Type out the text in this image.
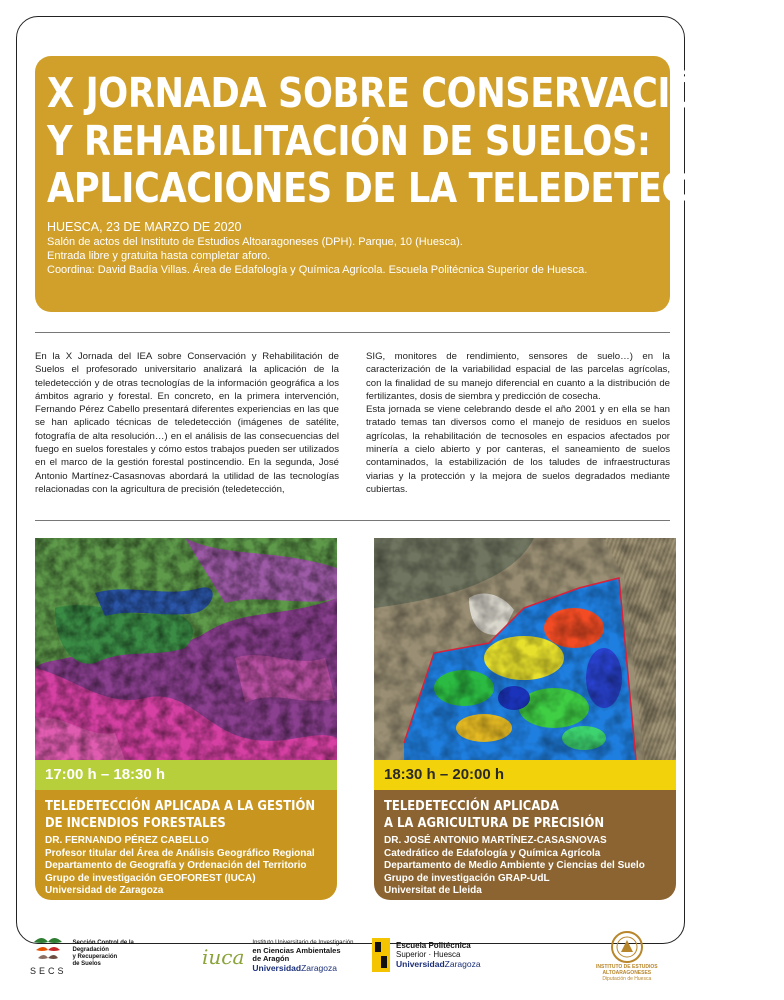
X JORNADA SOBRE CONSERVACIÓN
Y REHABILITACIÓN DE SUELOS:
APLICACIONES DE LA TELEDETECCIÓN
HUESCA, 23 DE MARZO DE 2020
Salón de actos del Instituto de Estudios Altoaragoneses (DPH). Parque, 10 (Huesca).
Entrada libre y gratuita hasta completar aforo.
Coordina: David Badía Villas. Área de Edafología y Química Agrícola. Escuela Politécnica Superior de Huesca.

En la X Jornada del IEA sobre Conservación y Rehabilitación de Suelos el profesorado universitario analizará la aplicación de la teledetección y de otras tecnologías de la información geográfica a los ámbitos agrario y forestal. En concreto, en la primera intervención, Fernando Pérez Cabello presentará diferentes experiencias en las que se han aplicado técnicas de teledetección (imágenes de satélite, fotografía de alta resolución…) en el análisis de las consecuencias del fuego en suelos forestales y cómo estos trabajos pueden ser utilizados en el marco de la gestión forestal postincendio. En la segunda, José Antonio Martínez-Casasnovas abordará la utilidad de las tecnologías relacionadas con la agricultura de precisión (teledetección,

SIG, monitores de rendimiento, sensores de suelo…) en la caracterización de la variabilidad espacial de las parcelas agrícolas, con la finalidad de su manejo diferencial en cuanto a la distribución de fertilizantes, dosis de siembra y predicción de cosecha.

Esta jornada se viene celebrando desde el año 2001 y en ella se han tratado temas tan diversos como el manejo de residuos en suelos agrícolas, la rehabilitación de tecnosoles en espacios afectados por minería a cielo abierto y por canteras, el saneamiento de suelos contaminados, la estabilización de los taludes de infraestructuras viarias y la protección y la mejora de suelos degradados mediante cubiertas.

17:00 h – 18:30 h
TELEDETECCIÓN APLICADA A LA GESTIÓN
DE INCENDIOS FORESTALES
DR. FERNANDO PÉREZ CABELLO
Profesor titular del Área de Análisis Geográfico Regional
Departamento de Geografía y Ordenación del Territorio
Grupo de investigación GEOFOREST (IUCA)
Universidad de Zaragoza
18:30 h – 20:00 h
TELEDETECCIÓN APLICADA
A LA AGRICULTURA DE PRECISIÓN
DR. JOSÉ ANTONIO MARTÍNEZ-CASASNOVAS
Catedrático de Edafología y Química Agrícola
Departamento de Medio Ambiente y Ciencias del Suelo
Grupo de investigación GRAP-UdL
Universitat de Lleida
SECS
Sección Control de la
Degradación
y Recuperación
de Suelos	iuca
Instituto Universitario de Investigación
en Ciencias Ambientales
de Aragón
UniversidadZaragoza
Escuela Politécnica
Superior · Huesca
UniversidadZaragoza	INSTITUTO DE ESTUDIOS
ALTOARAGONESES
Diputación de Huesca
